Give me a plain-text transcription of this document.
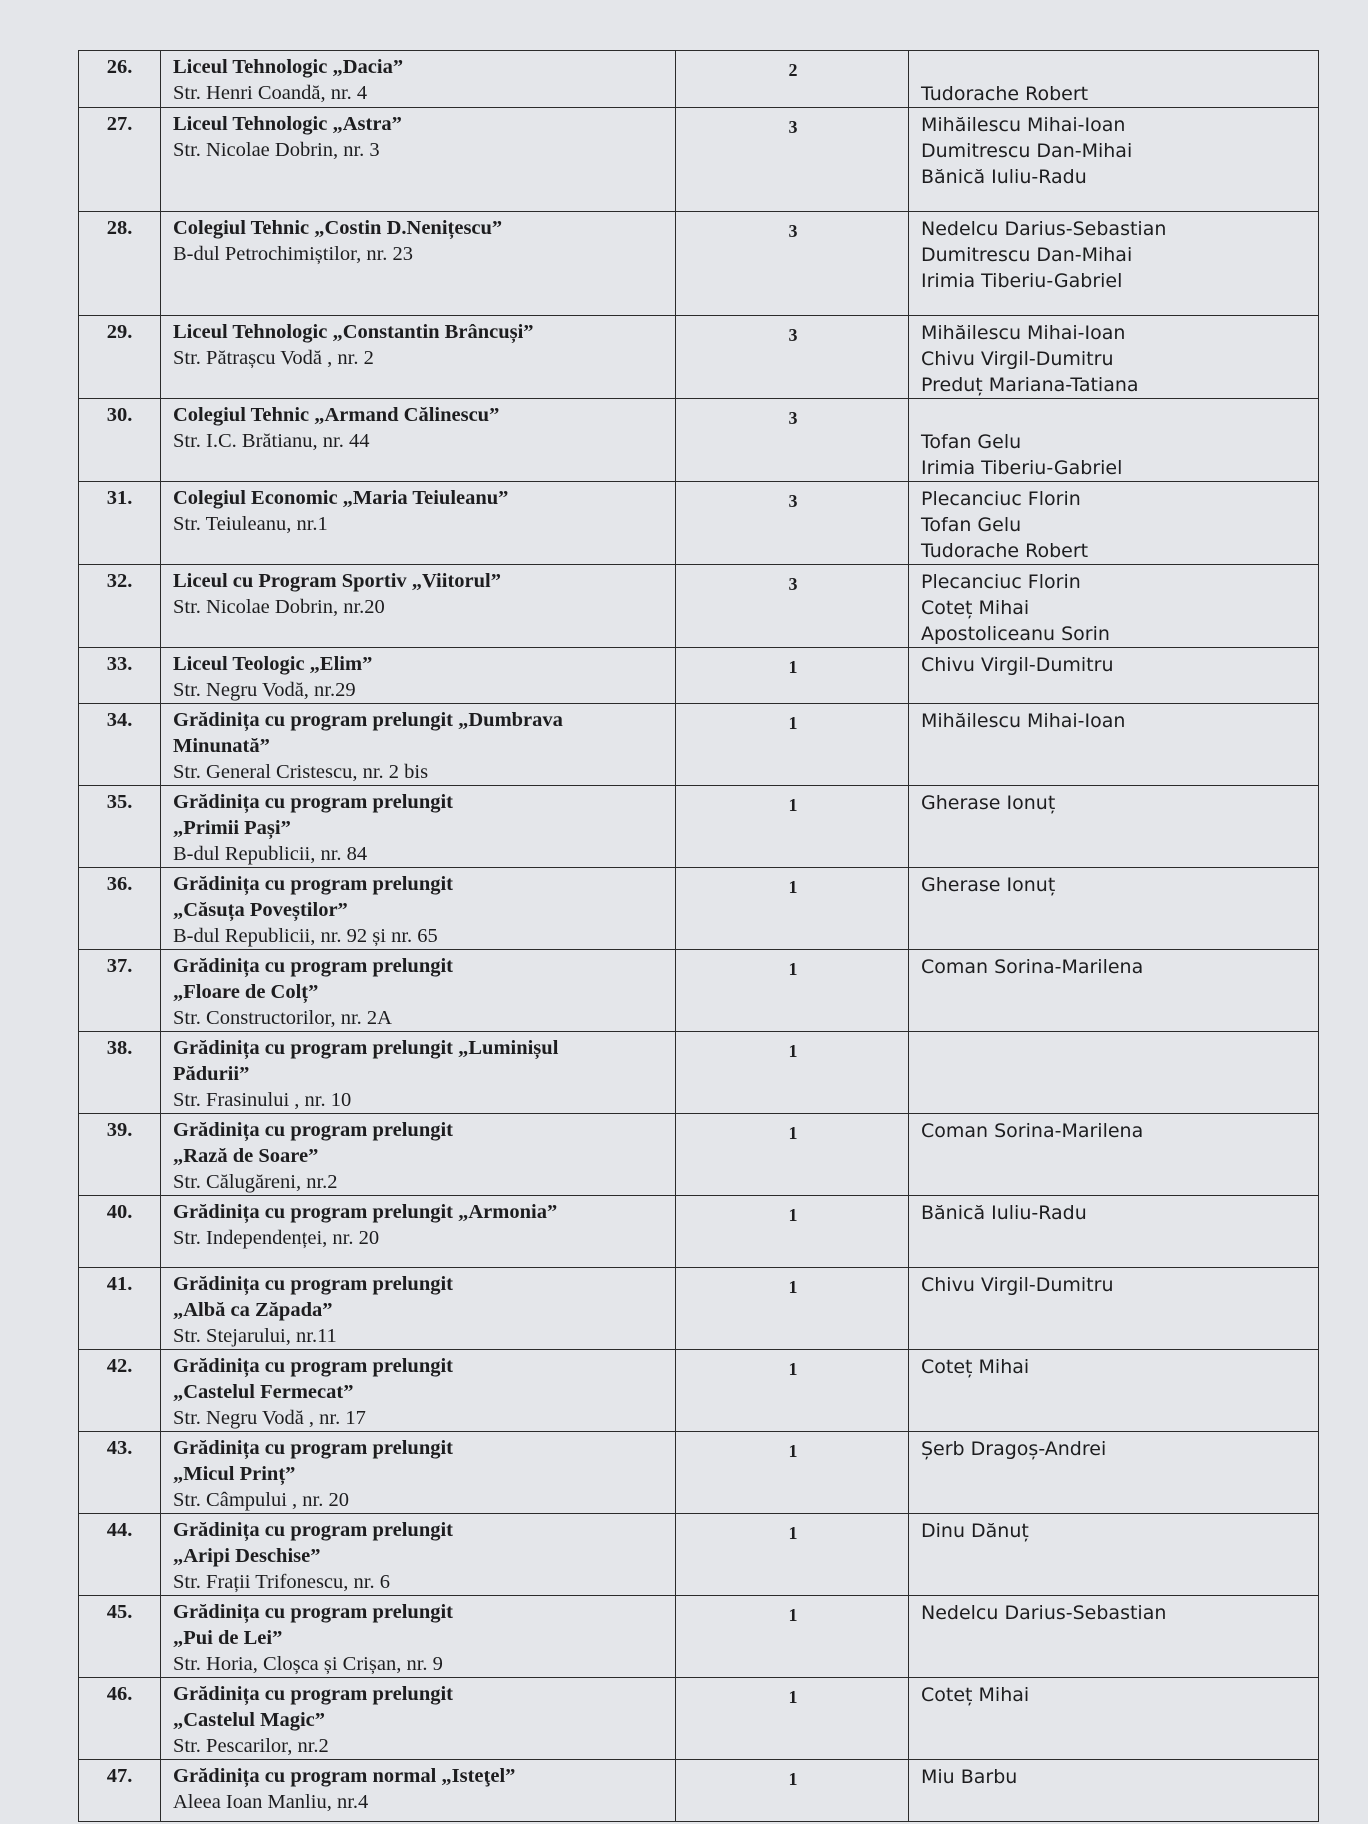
26.	Liceul Tehnologic „Dacia”
Str. Henri Coandă, nr. 4	2	Tudorache Robert

27.	Liceul Tehnologic „Astra”
Str. Nicolae Dobrin, nr. 3	3	Mihăilescu Mihai-Ioan
Dumitrescu Dan-Mihai
Bănică Iuliu-Radu

28.	Colegiul Tehnic „Costin D.Nenițescu”
B-dul Petrochimiștilor, nr. 23	3	Nedelcu Darius-Sebastian
Dumitrescu Dan-Mihai
Irimia Tiberiu-Gabriel

29.	Liceul Tehnologic „Constantin Brâncuși”
Str. Pătrașcu Vodă , nr. 2	3	Mihăilescu Mihai-Ioan
Chivu Virgil-Dumitru
Preduț Mariana-Tatiana

30.	Colegiul Tehnic „Armand Călinescu”
Str. I.C. Brătianu, nr. 44	3	Tofan Gelu
Irimia Tiberiu-Gabriel

31.	Colegiul Economic „Maria Teiuleanu”
Str. Teiuleanu, nr.1	3	Plecanciuc Florin
Tofan Gelu
Tudorache Robert

32.	Liceul cu Program Sportiv „Viitorul”
Str. Nicolae Dobrin, nr.20	3	Plecanciuc Florin
Coteț Mihai
Apostoliceanu Sorin

33.	Liceul Teologic „Elim”
Str. Negru Vodă, nr.29	1	Chivu Virgil-Dumitru

34.	Grădinița cu program prelungit „Dumbrava
Minunată”
Str. General Cristescu, nr. 2 bis	1	Mihăilescu Mihai-Ioan

35.	Grădinița cu program prelungit
„Primii Pași”
B-dul Republicii, nr. 84	1	Gherase Ionuț

36.	Grădinița cu program prelungit
„Căsuța Poveștilor”
B-dul Republicii, nr. 92 și nr. 65	1	Gherase Ionuț

37.	Grădinița cu program prelungit
„Floare de Colț”
Str. Constructorilor, nr. 2A	1	Coman Sorina-Marilena

38.	Grădinița cu program prelungit „Luminișul
Pădurii”
Str. Frasinului , nr. 10	1	
39.	Grădinița cu program prelungit
„Rază de Soare”
Str. Călugăreni, nr.2	1	Coman Sorina-Marilena

40.	Grădinița cu program prelungit „Armonia”
Str. Independenței, nr. 20	1	Bănică Iuliu-Radu

41.	Grădinița cu program prelungit
„Albă ca Zăpada”
Str. Stejarului, nr.11	1	Chivu Virgil-Dumitru

42.	Grădinița cu program prelungit
„Castelul Fermecat”
Str. Negru Vodă , nr. 17	1	Coteț Mihai

43.	Grădinița cu program prelungit
„Micul Prinț”
Str. Câmpului , nr. 20	1	Șerb Dragoș-Andrei

44.	Grădinița cu program prelungit
„Aripi Deschise”
Str. Frații Trifonescu, nr. 6	1	Dinu Dănuț

45.	Grădinița cu program prelungit
„Pui de Lei”
Str. Horia, Cloșca și Crișan, nr. 9	1	Nedelcu Darius-Sebastian

46.	Grădinița cu program prelungit
„Castelul Magic”
Str. Pescarilor, nr.2	1	Coteț Mihai

47.	Grădinița cu program normal „Isteţel”
Aleea Ioan Manliu, nr.4	1	Miu Barbu
